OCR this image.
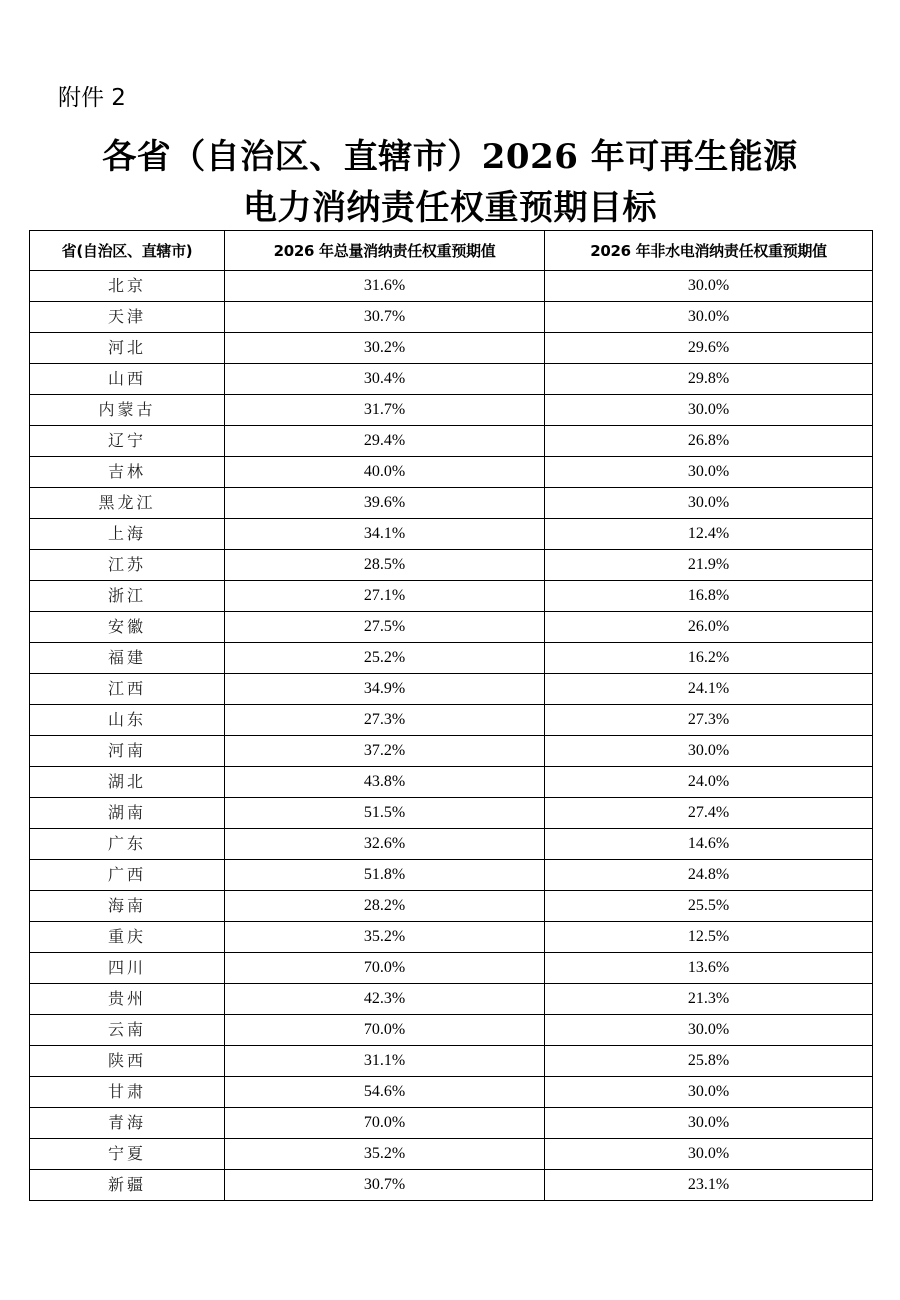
附件 2
各省（自治区、直辖市）2026 年可再生能源
电力消纳责任权重预期目标
省(自治区、直辖市)	2026 年总量消纳责任权重预期值	2026 年非水电消纳责任权重预期值
北京	31.6%	30.0%
天津	30.7%	30.0%
河北	30.2%	29.6%
山西	30.4%	29.8%
内蒙古	31.7%	30.0%
辽宁	29.4%	26.8%
吉林	40.0%	30.0%
黑龙江	39.6%	30.0%
上海	34.1%	12.4%
江苏	28.5%	21.9%
浙江	27.1%	16.8%
安徽	27.5%	26.0%
福建	25.2%	16.2%
江西	34.9%	24.1%
山东	27.3%	27.3%
河南	37.2%	30.0%
湖北	43.8%	24.0%
湖南	51.5%	27.4%
广东	32.6%	14.6%
广西	51.8%	24.8%
海南	28.2%	25.5%
重庆	35.2%	12.5%
四川	70.0%	13.6%
贵州	42.3%	21.3%
云南	70.0%	30.0%
陕西	31.1%	25.8%
甘肃	54.6%	30.0%
青海	70.0%	30.0%
宁夏	35.2%	30.0%
新疆	30.7%	23.1%
